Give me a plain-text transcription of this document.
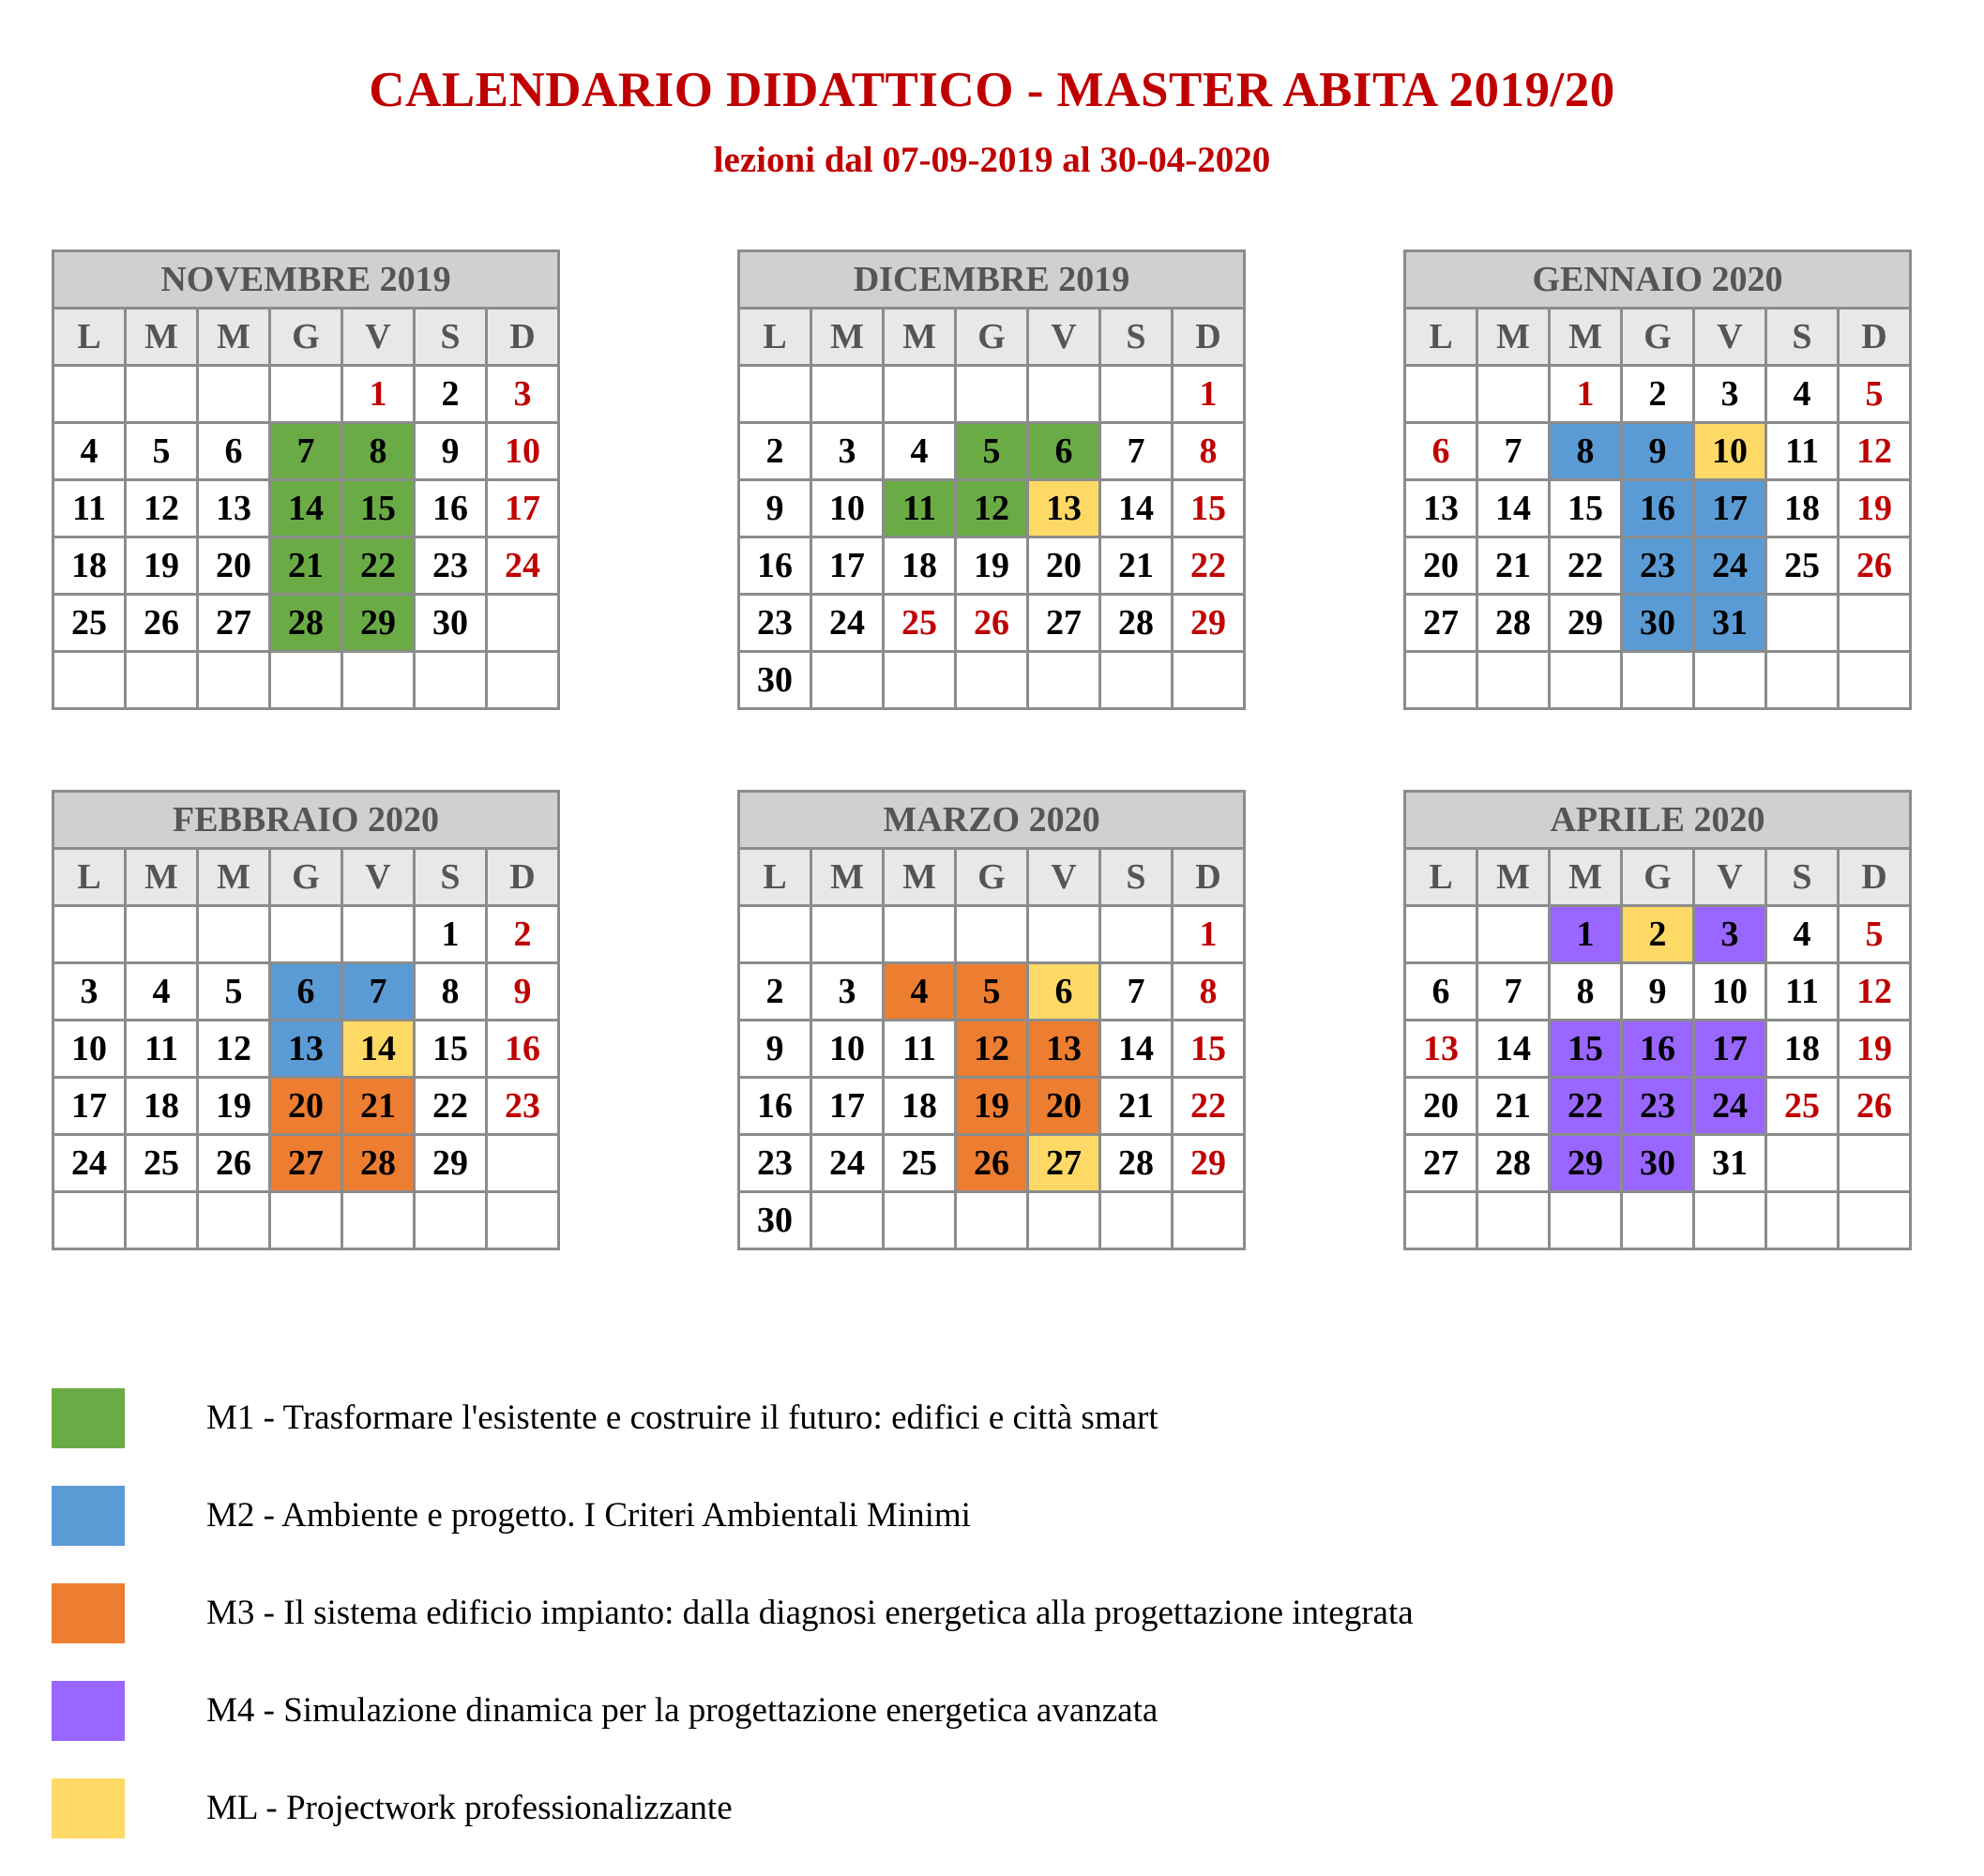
CALENDARIO DIDATTICO - MASTER ABITA 2019/20
lezioni dal 07-09-2019 al 30-04-2020
NOVEMBRE 2019						
L	M	M	G	V	S	D
				1	2	3
4	5	6	7	8	9	10
11	12	13	14	15	16	17
18	19	20	21	22	23	24
25	26	27	28	29	30	

DICEMBRE 2019						
L	M	M	G	V	S	D
						1
2	3	4	5	6	7	8
9	10	11	12	13	14	15
16	17	18	19	20	21	22
23	24	25	26	27	28	29
30						
GENNAIO 2020						
L	M	M	G	V	S	D
		1	2	3	4	5
6	7	8	9	10	11	12
13	14	15	16	17	18	19
20	21	22	23	24	25	26
27	28	29	30	31		

FEBBRAIO 2020						
L	M	M	G	V	S	D
					1	2
3	4	5	6	7	8	9
10	11	12	13	14	15	16
17	18	19	20	21	22	23
24	25	26	27	28	29	

MARZO 2020						
L	M	M	G	V	S	D
						1
2	3	4	5	6	7	8
9	10	11	12	13	14	15
16	17	18	19	20	21	22
23	24	25	26	27	28	29
30						
APRILE 2020						
L	M	M	G	V	S	D
		1	2	3	4	5
6	7	8	9	10	11	12
13	14	15	16	17	18	19
20	21	22	23	24	25	26
27	28	29	30	31		

M1 - Trasformare l'esistente e costruire il futuro: edifici e città smart
M2 - Ambiente e progetto. I Criteri Ambientali Minimi
M3 - Il sistema edificio impianto: dalla diagnosi energetica alla progettazione integrata
M4 - Simulazione dinamica per la progettazione energetica avanzata
ML - Projectwork professionalizzante
